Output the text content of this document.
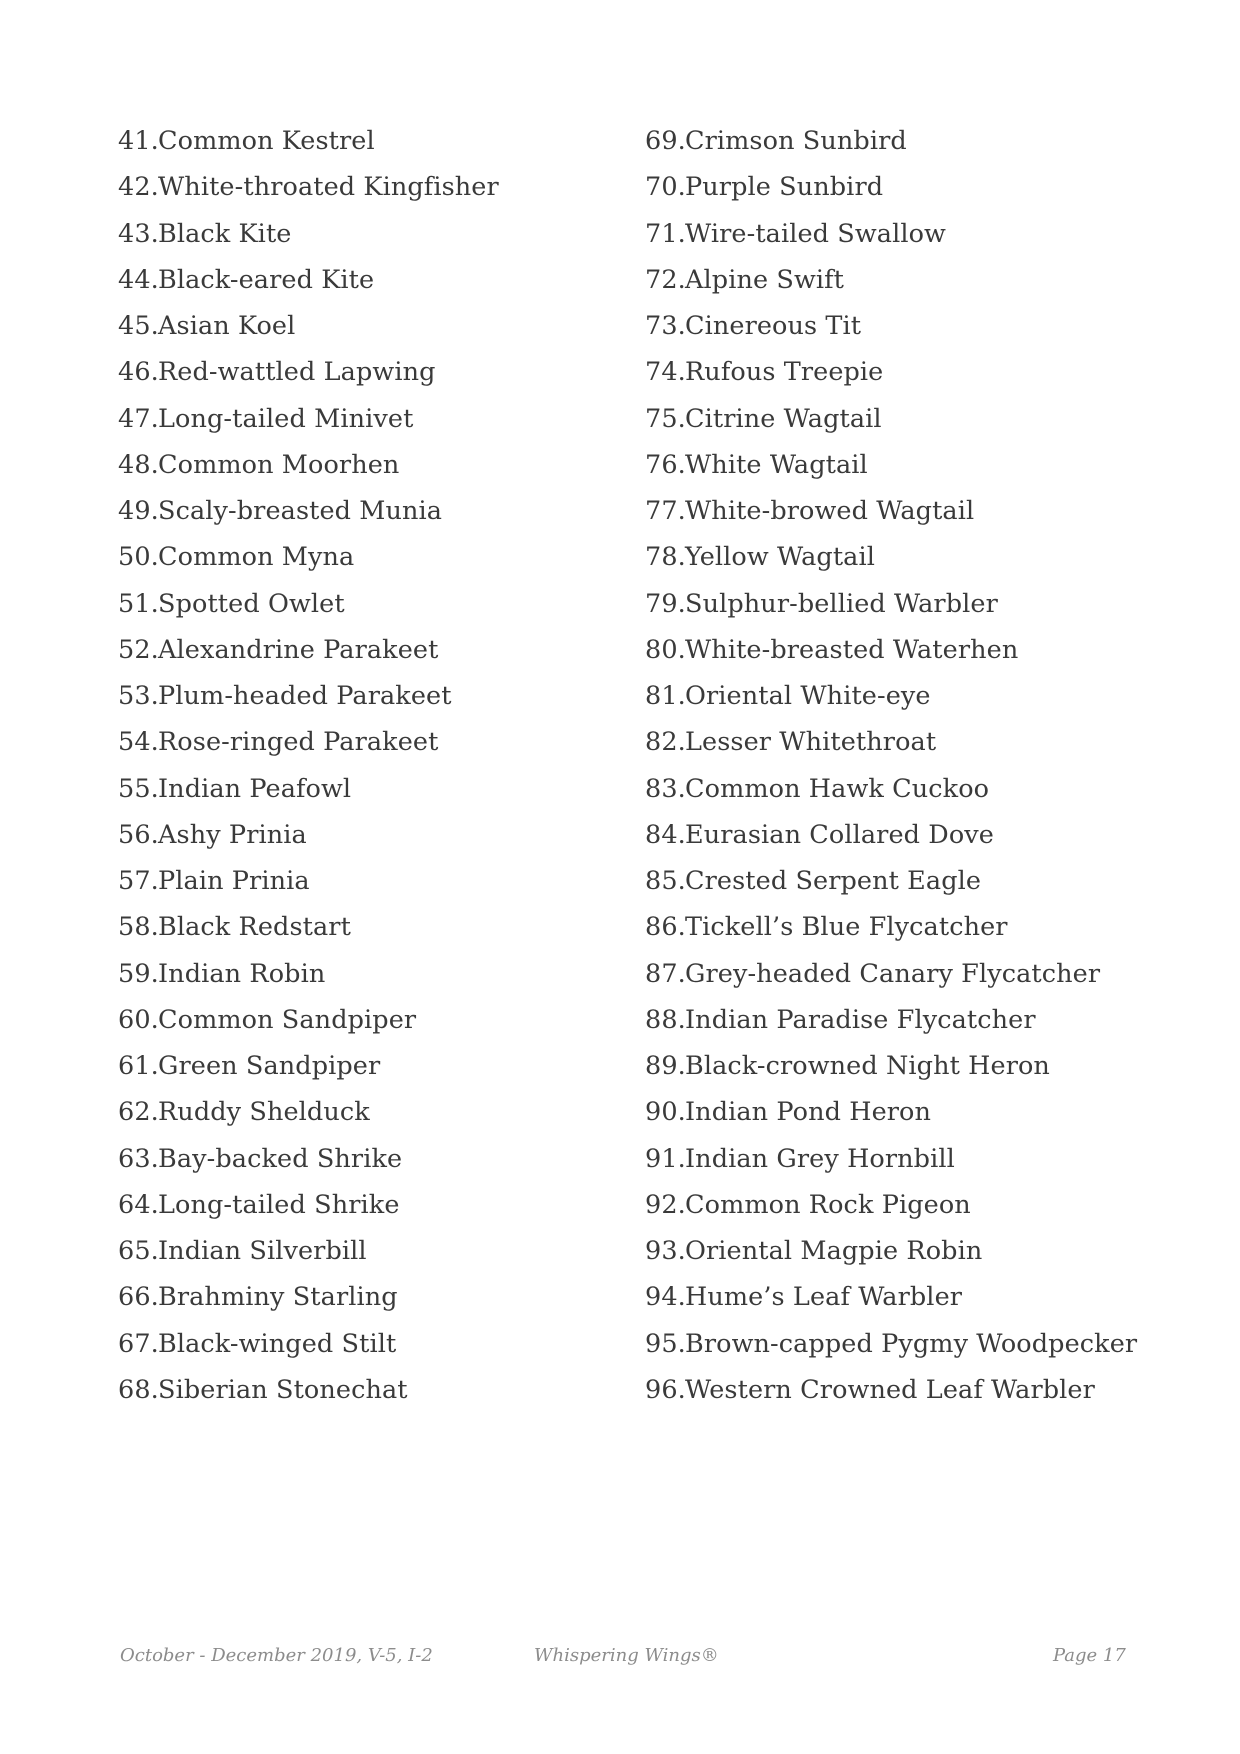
41.Common Kestrel
42.White-throated Kingfisher
43.Black Kite
44.Black-eared Kite
45.Asian Koel
46.Red-wattled Lapwing
47.Long-tailed Minivet
48.Common Moorhen
49.Scaly-breasted Munia
50.Common Myna
51.Spotted Owlet
52.Alexandrine Parakeet
53.Plum-headed Parakeet
54.Rose-ringed Parakeet
55.Indian Peafowl
56.Ashy Prinia
57.Plain Prinia
58.Black Redstart
59.Indian Robin
60.Common Sandpiper
61.Green Sandpiper
62.Ruddy Shelduck
63.Bay-backed Shrike
64.Long-tailed Shrike
65.Indian Silverbill
66.Brahminy Starling
67.Black-winged Stilt
68.Siberian Stonechat
69.Crimson Sunbird
70.Purple Sunbird
71.Wire-tailed Swallow
72.Alpine Swift
73.Cinereous Tit
74.Rufous Treepie
75.Citrine Wagtail
76.White Wagtail
77.White-browed Wagtail
78.Yellow Wagtail
79.Sulphur-bellied Warbler
80.White-breasted Waterhen
81.Oriental White-eye
82.Lesser Whitethroat
83.Common Hawk Cuckoo
84.Eurasian Collared Dove
85.Crested Serpent Eagle
86.Tickell’s Blue Flycatcher
87.Grey-headed Canary Flycatcher
88.Indian Paradise Flycatcher
89.Black-crowned Night Heron
90.Indian Pond Heron
91.Indian Grey Hornbill
92.Common Rock Pigeon
93.Oriental Magpie Robin
94.Hume’s Leaf Warbler
95.Brown-capped Pygmy Woodpecker
96.Western Crowned Leaf Warbler
October - December 2019, V-5, I-2	Whispering Wings®	Page 17
